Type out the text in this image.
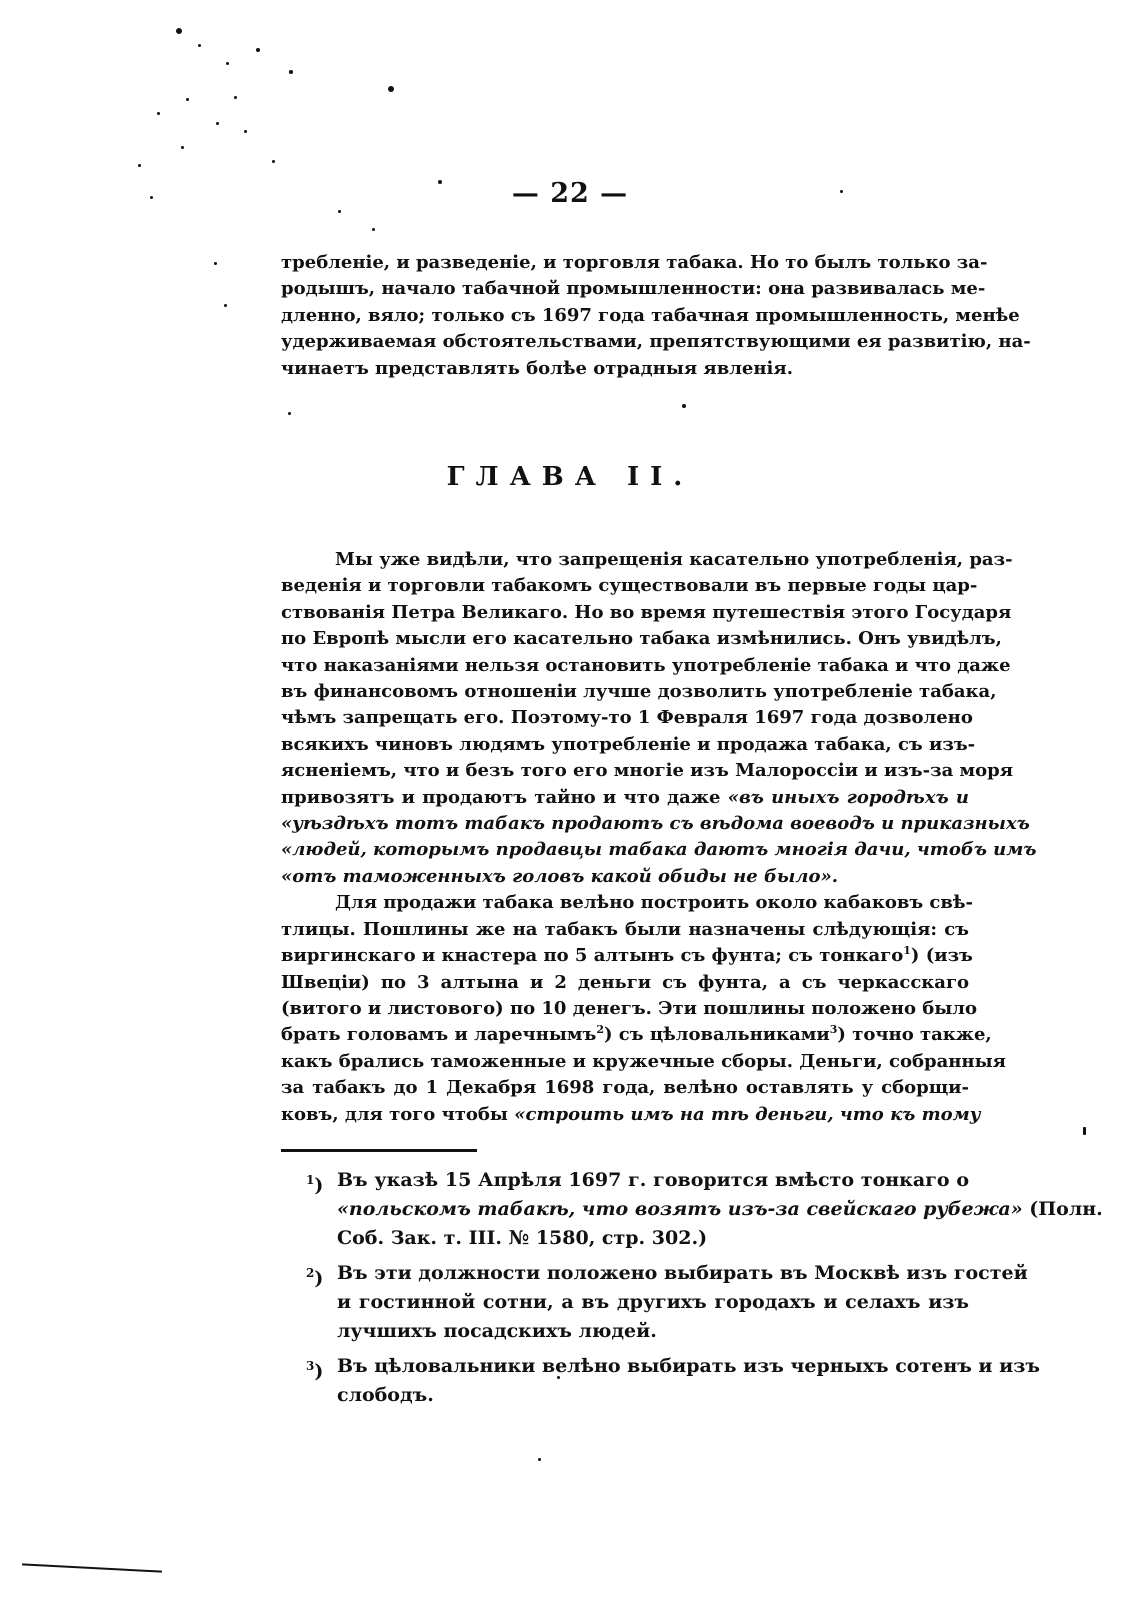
— 22 —
требленіе, и разведеніе, и торговля табака. Но то былъ только за-
родышъ, начало табачной промышленности: она развивалась ме-
дленно, вяло; только съ 1697 года табачная промышленность, менѣе
удерживаемая обстоятельствами, препятствующими ея развитію, на-
чинаетъ представлять болѣе отрадныя явленія.
ГЛАВА II.
Мы уже видѣли, что запрещенія касательно употребленія, раз-
веденія и торговли табакомъ существовали въ первые годы цар-
ствованія Петра Великаго. Но во время путешествія этого Государя
по Европѣ мысли его касательно табака измѣнились. Онъ увидѣлъ,
что наказаніями нельзя остановить употребленіе табака и что даже
въ финансовомъ отношеніи лучше дозволить употребленіе табака,
чѣмъ запрещать его. Поэтому-то 1 Февраля 1697 года дозволено
всякихъ чиновъ людямъ употребленіе и продажа табака, съ изъ-
ясненіемъ, что и безъ того его многіе изъ Малороссіи и изъ-за моря
привозятъ и продаютъ тайно и что даже «въ иныхъ городѣхъ и
«уѣздѣхъ тотъ табакъ продаютъ съ вѣдома воеводъ и приказныхъ
«людей, которымъ продавцы табака даютъ многія дачи, чтобъ имъ
«отъ таможенныхъ головъ какой обиды не было».
Для продажи табака велѣно построить около кабаковъ свѣ-
тлицы. Пошлины же на табакъ были назначены слѣдующія: съ
виргинскаго и кнастера по 5 алтынъ съ фунта; съ тонкаго$^1$) (изъ
Швеціи) по 3 алтына и 2 деньги съ фунта, а съ черкасскаго
(витого и листового) по 10 денегъ. Эти пошлины положено было
брать головамъ и ларечнымъ$^2$) съ цѣловальниками$^3$) точно также,
какъ брались таможенные и кружечные сборы. Деньги, собранныя
за табакъ до 1 Декабря 1698 года, велѣно оставлять у сборщи-
ковъ, для того чтобы «строить имъ на тѣ деньги, что къ тому
$^1$) Въ указѣ 15 Апрѣля 1697 г. говорится вмѣсто тонкаго о
«польскомъ табакѣ, что возятъ изъ-за свейскаго рубежа» (Полн.
Соб. Зак. т. III. № 1580, стр. 302.)
$^2$) Въ эти должности положено выбирать въ Москвѣ изъ гостей
и гостинной сотни, а въ другихъ городахъ и селахъ изъ
лучшихъ посадскихъ людей.
$^3$) Въ цѣловальники велѣно выбирать изъ черныхъ сотенъ и изъ
слободъ.
